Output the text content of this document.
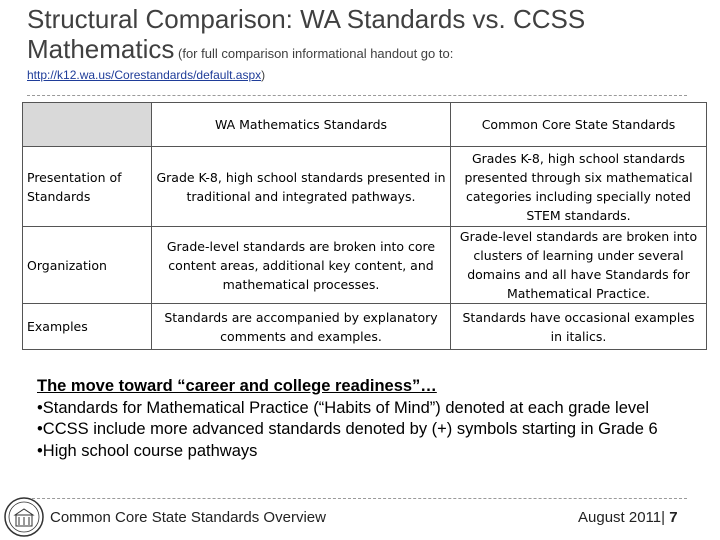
Structural Comparison: WA Standards vs. CCSS
Mathematics (for full comparison informational handout go to:
http://k12.wa.us/Corestandards/default.aspx)
	WA Mathematics Standards	Common Core State Standards
Presentation of Standards	Grade K-8, high school standards presented in traditional and integrated pathways.	Grades K-8, high school standards presented through six mathematical categories including specially noted STEM standards.
Organization	Grade-level standards are broken into core content areas, additional key content, and mathematical processes.	Grade-level standards are broken into clusters of learning under several domains and all have Standards for Mathematical Practice.
Examples	Standards are accompanied by explanatory comments and examples.	Standards have occasional examples in italics.
The move toward “career and college readiness”…
•Standards for Mathematical Practice (“Habits of Mind”) denoted at each grade level
•CCSS include more advanced standards denoted by (+) symbols starting in Grade 6
•High school course pathways
Common Core State Standards Overview	August 2011| 7
